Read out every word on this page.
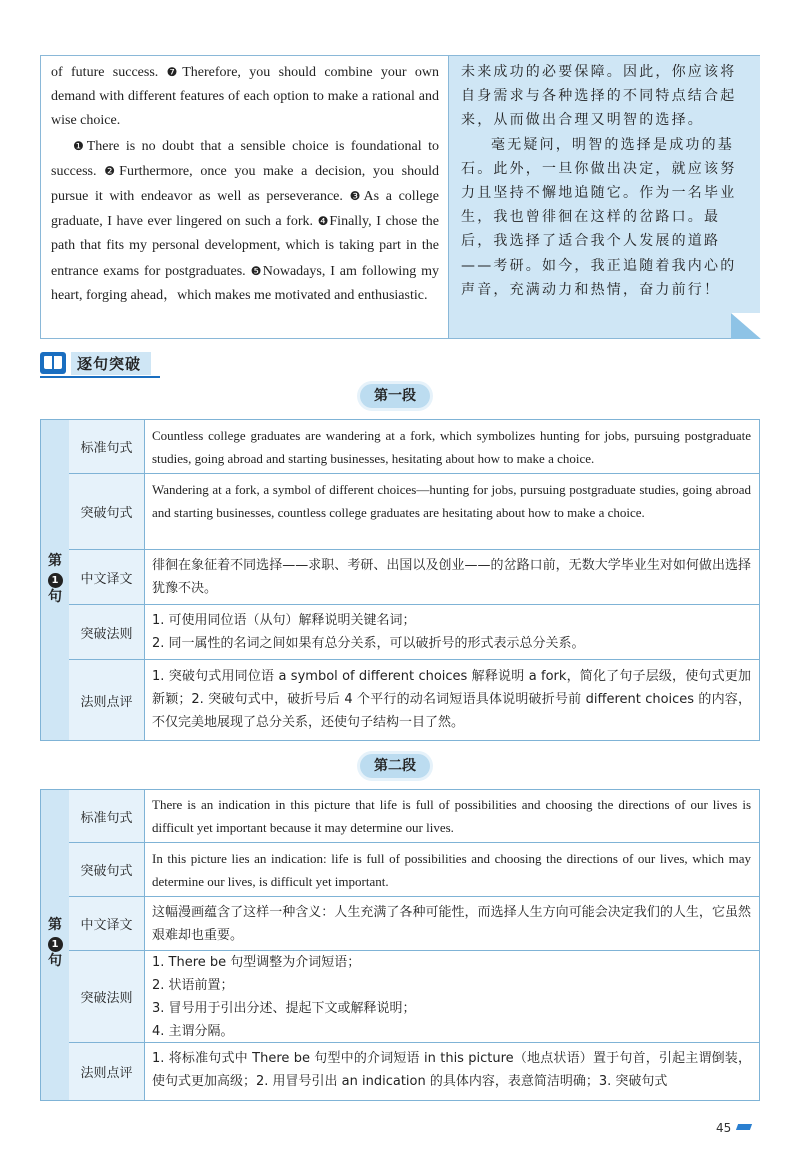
of future success. ❼Therefore, you should combine your own demand with different features of each option to make a rational and wise choice.

❶There is no doubt that a sensible choice is foundational to success. ❷Furthermore, once you make a decision, you should pursue it with endeavor as well as perseverance. ❸As a college graduate, I have ever lingered on such a fork. ❹Finally, I chose the path that fits my personal development, which is taking part in the entrance exams for postgraduates. ❺Nowadays, I am following my heart, forging ahead，which makes me motivated and enthusiastic.

未来成功的必要保障。因此，你应该将自身需求与各种选择的不同特点结合起来，从而做出合理又明智的选择。

毫无疑问，明智的选择是成功的基石。此外，一旦你做出决定，就应该努力且坚持不懈地追随它。作为一名毕业生，我也曾徘徊在这样的岔路口。最后，我选择了适合我个人发展的道路——考研。如今，我正追随着我内心的声音，充满动力和热情，奋力前行！

逐句突破
第一段
第
1
句
标准句式
Countless college graduates are wandering at a fork, which symbolizes hunting for jobs, pursuing postgraduate studies, going abroad and starting businesses, hesitating about how to make a choice.
突破句式
Wandering at a fork, a symbol of different choices—hunting for jobs, pursuing postgraduate studies, going abroad and starting businesses, countless college graduates are hesitating about how to make a choice.
中文译文
徘徊在象征着不同选择——求职、考研、出国以及创业——的岔路口前，无数大学毕业生对如何做出选择犹豫不决。
突破法则

1. 可使用同位语（从句）解释说明关键名词；

2. 同一属性的名词之间如果有总分关系，可以破折号的形式表示总分关系。

法则点评
1. 突破句式用同位语 a symbol of different choices 解释说明 a fork，简化了句子层级，使句式更加新颖；2. 突破句式中，破折号后 4 个平行的动名词短语具体说明破折号前 different choices 的内容，不仅完美地展现了总分关系，还使句子结构一目了然。
第二段
第
1
句
标准句式
There is an indication in this picture that life is full of possibilities and choosing the directions of our lives is difficult yet important because it may determine our lives.
突破句式
In this picture lies an indication: life is full of possibilities and choosing the directions of our lives, which may determine our lives, is difficult yet important.
中文译文
这幅漫画蕴含了这样一种含义：人生充满了各种可能性，而选择人生方向可能会决定我们的人生，它虽然艰难却也重要。
突破法则

1. There be 句型调整为介词短语；

2. 状语前置；

3. 冒号用于引出分述、提起下文或解释说明；

4. 主谓分隔。

法则点评
1. 将标准句式中 There be 句型中的介词短语 in this picture（地点状语）置于句首，引起主谓倒装，使句式更加高级；2. 用冒号引出 an indication 的具体内容，表意简洁明确；3. 突破句式
45
